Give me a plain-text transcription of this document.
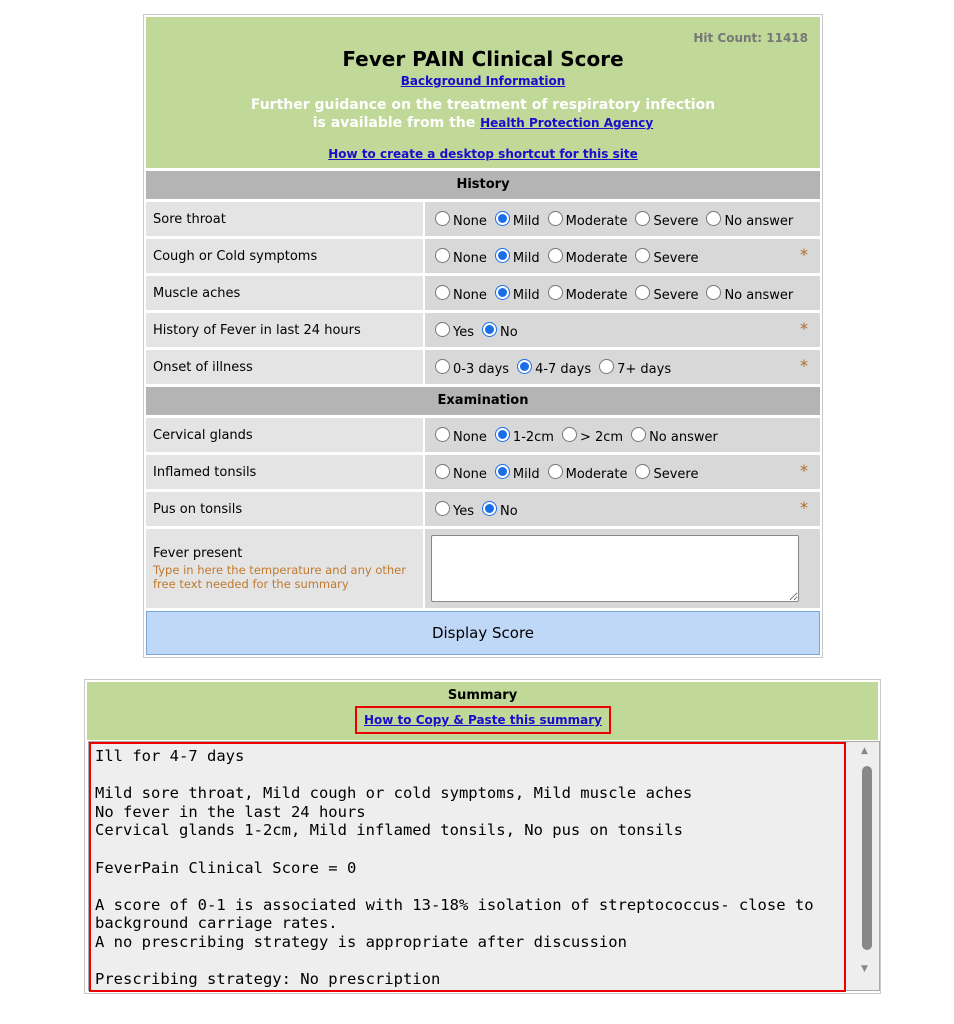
Hit Count: 11418
Fever PAIN Clinical Score
Background Information
Further guidance on the treatment of respiratory infection
is available from the Health Protection Agency
How to create a desktop shortcut for this site
History
Sore throat	None Mild Moderate Severe No answer
Cough or Cold symptoms	None Mild Moderate Severe	*
Muscle aches	None Mild Moderate Severe No answer
History of Fever in last 24 hours	Yes No	*
Onset of illness	0-3 days 4-7 days 7+ days	*
Examination
Cervical glands	None 1-2cm > 2cm No answer
Inflamed tonsils	None Mild Moderate Severe	*
Pus on tonsils	Yes No	*
Fever present
Type in here the temperature and any other free text needed for the summary
Display Score
Summary
How to Copy & Paste this summary
Ill for 4-7 days

Mild sore throat, Mild cough or cold symptoms, Mild muscle aches
No fever in the last 24 hours
Cervical glands 1-2cm, Mild inflamed tonsils, No pus on tonsils

FeverPain Clinical Score = 0

A score of 0-1 is associated with 13-18% isolation of streptococcus- close to
background carriage rates.
A no prescribing strategy is appropriate after discussion

Prescribing strategy: No prescription
▲
▼
